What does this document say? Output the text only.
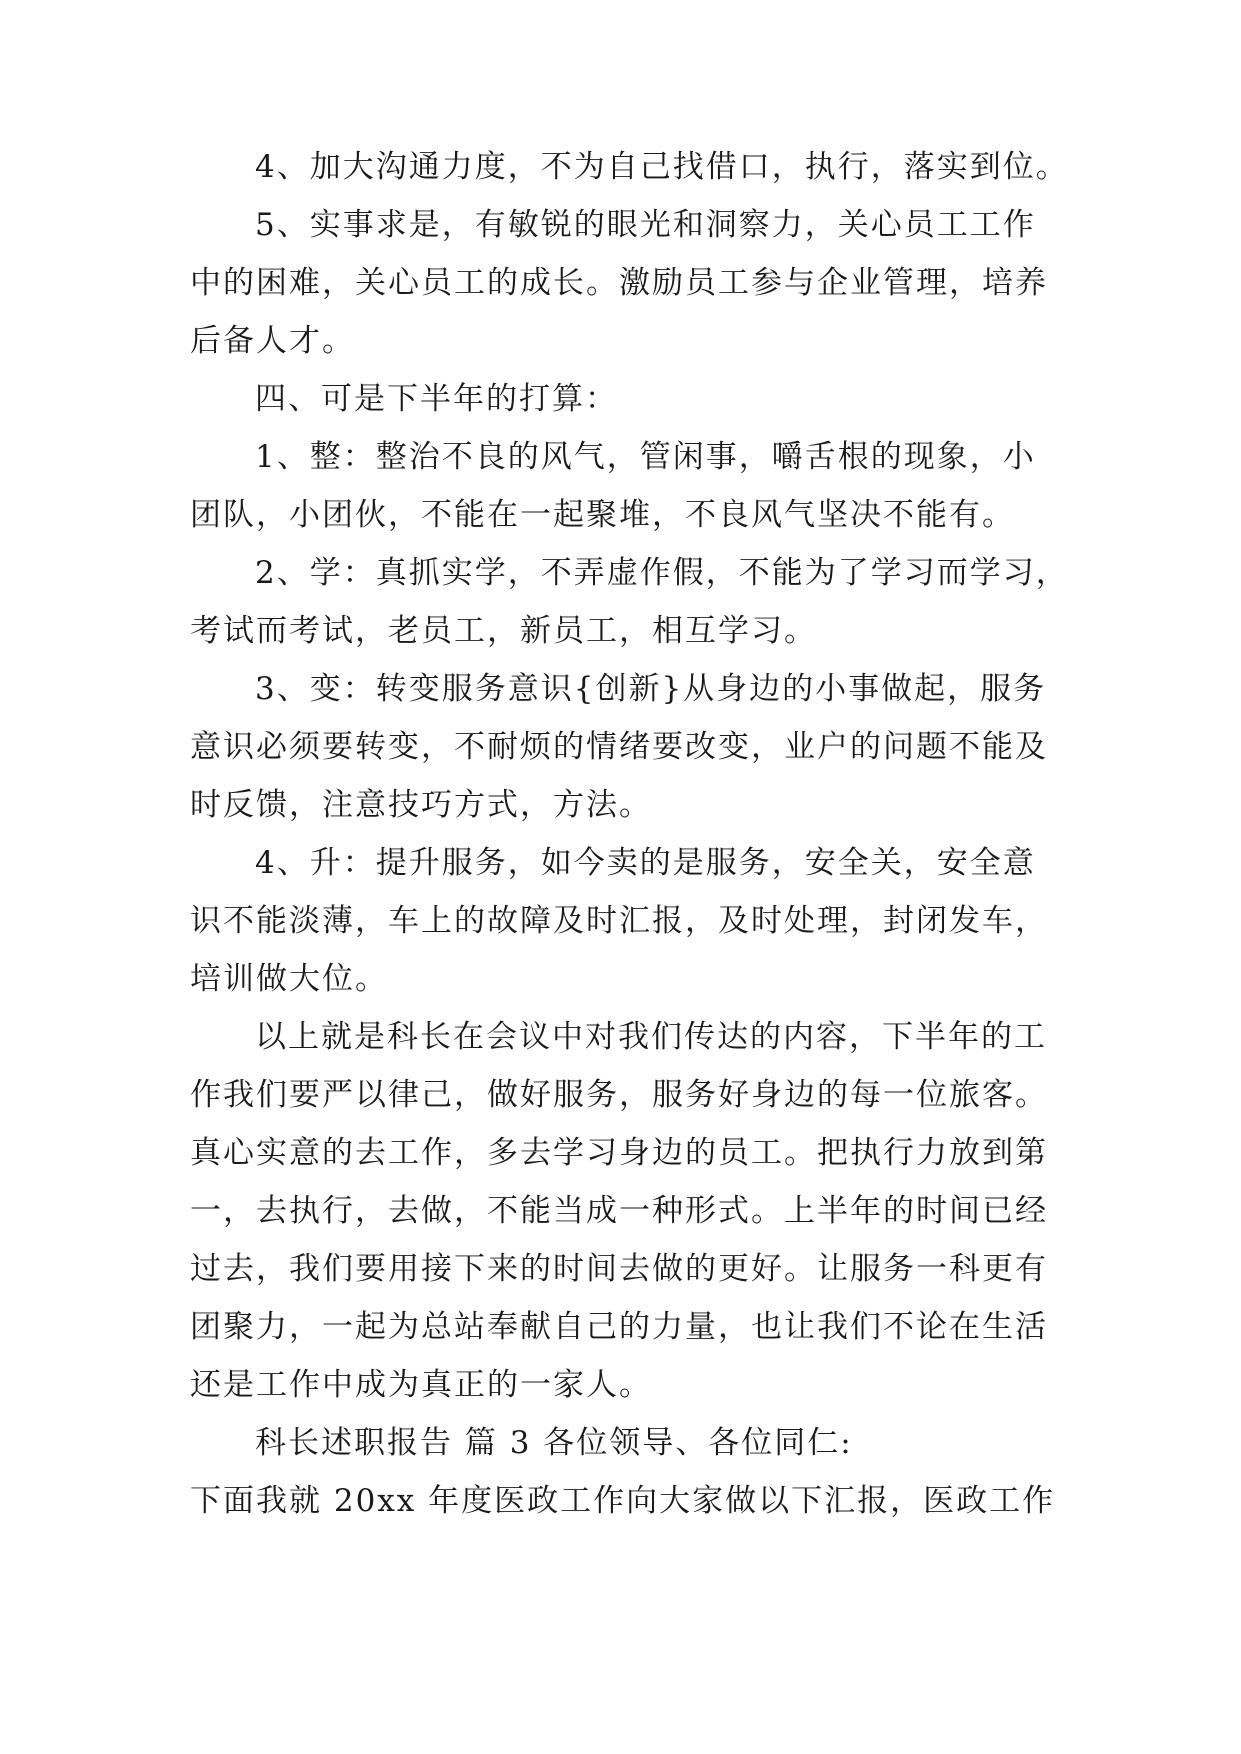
4、加大沟通力度，不为自己找借口，执行，落实到位。
5、实事求是，有敏锐的眼光和洞察力，关心员工工作
中的困难，关心员工的成长。激励员工参与企业管理，培养
后备人才。
四、可是下半年的打算：
1、整：整治不良的风气，管闲事，嚼舌根的现象，小
团队，小团伙，不能在一起聚堆，不良风气坚决不能有。
2、学：真抓实学，不弄虚作假，不能为了学习而学习，
考试而考试，老员工，新员工，相互学习。
3、变：转变服务意识{创新}从身边的小事做起，服务
意识必须要转变，不耐烦的情绪要改变，业户的问题不能及
时反馈，注意技巧方式，方法。
4、升：提升服务，如今卖的是服务，安全关，安全意
识不能淡薄，车上的故障及时汇报，及时处理，封闭发车，
培训做大位。
以上就是科长在会议中对我们传达的内容，下半年的工
作我们要严以律己，做好服务，服务好身边的每一位旅客。
真心实意的去工作，多去学习身边的员工。把执行力放到第
一，去执行，去做，不能当成一种形式。上半年的时间已经
过去，我们要用接下来的时间去做的更好。让服务一科更有
团聚力，一起为总站奉献自己的力量，也让我们不论在生活
还是工作中成为真正的一家人。
科长述职报告 篇 3 各位领导、各位同仁:
下面我就 20xx 年度医政工作向大家做以下汇报，医政工作
